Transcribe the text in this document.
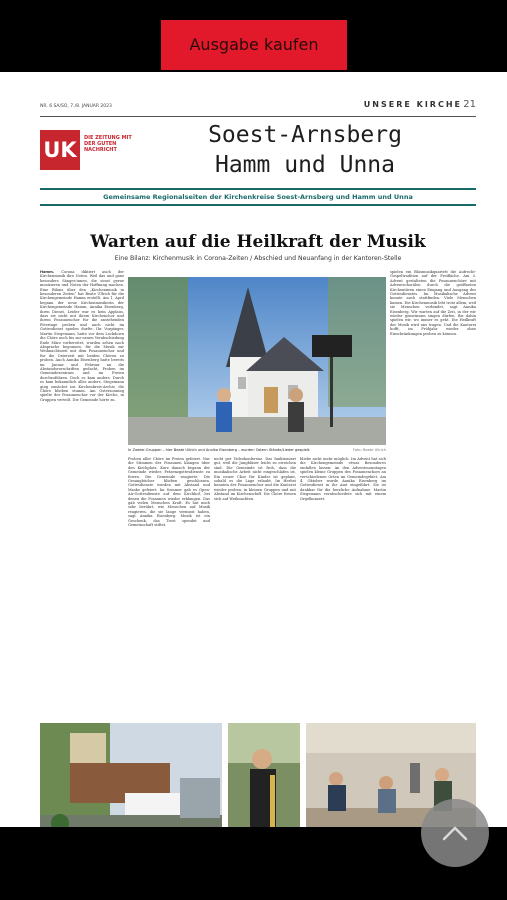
Ausgabe kaufen
NR. 6 SA/SO, 7./8. JANUAR 2023	UNSERE KIRCHE 21
UK	DIE ZEITUNG MIT DER GUTEN NACHRICHT
Soest-Arnsberg
Hamm und Unna
Gemeinsame Regionalseiten der Kirchenkreise Soest-Arnsberg und Hamm und Unna
Warten auf die Heilkraft der Musik
Eine Bilanz: Kirchenmusik in Corona-Zeiten / Abschied und Neuanfang in der Kantoren-Stelle
Hamm. Corona diktiert auch der Kirchenmusik ihre Noten. Weil das und ganz besonders Sänger:innen, die sonst gerne musizieren und Noten der Hoffnung machen. Eine Bilanz über den „Kirchenmusik in besonderen Zeiten“ hat Beate Ullrich für die Kirchengemeinde Hamm erstellt. Am 1. April begann der neue Kirchenmusikerin der Kirchengemeinde Hamm, Annika Eisenberg, ihren Dienst. Leider war es kein Applaus, dass sie nicht mit ihrem Kirchenchor und ihrem Posaunenchor für die anstehenden Feiertage proben und auch nicht im Gottesdienst spielen durfte. Ihr Vorgänger, Martin Stegemann, hatte vor dem Lockdown die Chöre noch bis zur neuen Verabschiedung Ende März vorbereitet, wurden sehen nach Absprache begonnen, für die Musik zur Weihnachtszeit mit dem Posaunenchor und für die Osterzeit mit beiden Chören zu proben. Auch Annika Eisenberg hatte bereits im Januar und Februar an die Abstandsvorschriften gedacht, Proben im Gemeindezentrum und im Freien durchzuführen. Doch es kam anders. Durch es kam bekanntlich alles anders. Stegemann ging zunächst ins Kirchenkreis-Archiv, die Chöre blieben stumm. Am Ostersonntag spielte der Posaunenchor vor der Kirche, in Gruppen verteilt. Die Gemeinde hörte zu.
In Zweier-Gruppen – hier Beate Ullrich und Annika Eisenberg – wurden Ostern Stände/Lieder gespielt.	Foto: Beate Ullrich
Proben aller Chöre im Freien gefeiert. Nur die Stimmen der Posaunen klangen über den Kirchplatz. Kurz danach begann der Gemeinde wieder, Präsenzgottesdienste zu feiern. Die Gemeinde reagierte. Die Gesangbücher blieben geschlossen, Gottesdienste wurden mit Abstand und Maske gefeiert. Im Sommer gab es Open-Air-Gottesdienste auf dem Kirchhof, bei denen die Posaunen wieder erklangen. Das gab vielen Menschen Kraft. Es hat mich sehr berührt, wie Menschen auf Musik reagieren, die sie lange vermisst haben, sagt Annika Eisenberg. Musik ist ein Geschenk, das Trost spendet und Gemeinschaft stiftet.
nicht per Videokonferenz. Das funktioniert gut, weil die Jungbläser leicht zu erreichen sind. Die Gemeinde ist froh, dass die musikalische Arbeit nicht eingeschlafen ist. Ein neuer Chor für Kinder ist geplant, sobald es die Lage erlaubt. Im Herbst konnten der Posaunenchor und die Kantorei wieder proben, in kleinen Gruppen und mit Abstand im Kirchenschiff. Die Chöre freuen sich auf Weihnachten.
bliebe nicht mehr möglich. Im Advent hat sich die Kirchengemeinde etwas Besonderes einfallen lassen: An den Adventssonntagen spielen kleine Gruppen des Posaunenchors an verschiedenen Orten im Gemeindegebiet. Am 4. Oktober wurde Annika Eisenberg im Gottesdienst in ihr Amt eingeführt. Sie ist dankbar für die herzliche Aufnahme. Martin Stegemann verabschiedete sich mit einem Orgelkonzert.
spielen ein Blasmusikquartett die Aufrecht-Gospeltradition auf der Freifläche. Am 3. Advent gestalteten die Posaunenchöre mit Adventschorälen durch die geöffneten Kirchentüren einen Eingang und Ausgang des Gottesdienstes. Im Musikalische Advent konnte auch stattfinden. Viele Menschen kamen. Die Kirchenmusik lebt trotz allem, weil sie Menschen verbindet, sagt Annika Eisenberg. Wir warten auf die Zeit, in der wir wieder gemeinsam singen dürfen. Bis dahin spielen wir, wo immer es geht. Die Heilkraft der Musik wird uns tragen. Und die Kantorei hofft, im Frühjahr wieder ohne Einschränkungen proben zu können.
